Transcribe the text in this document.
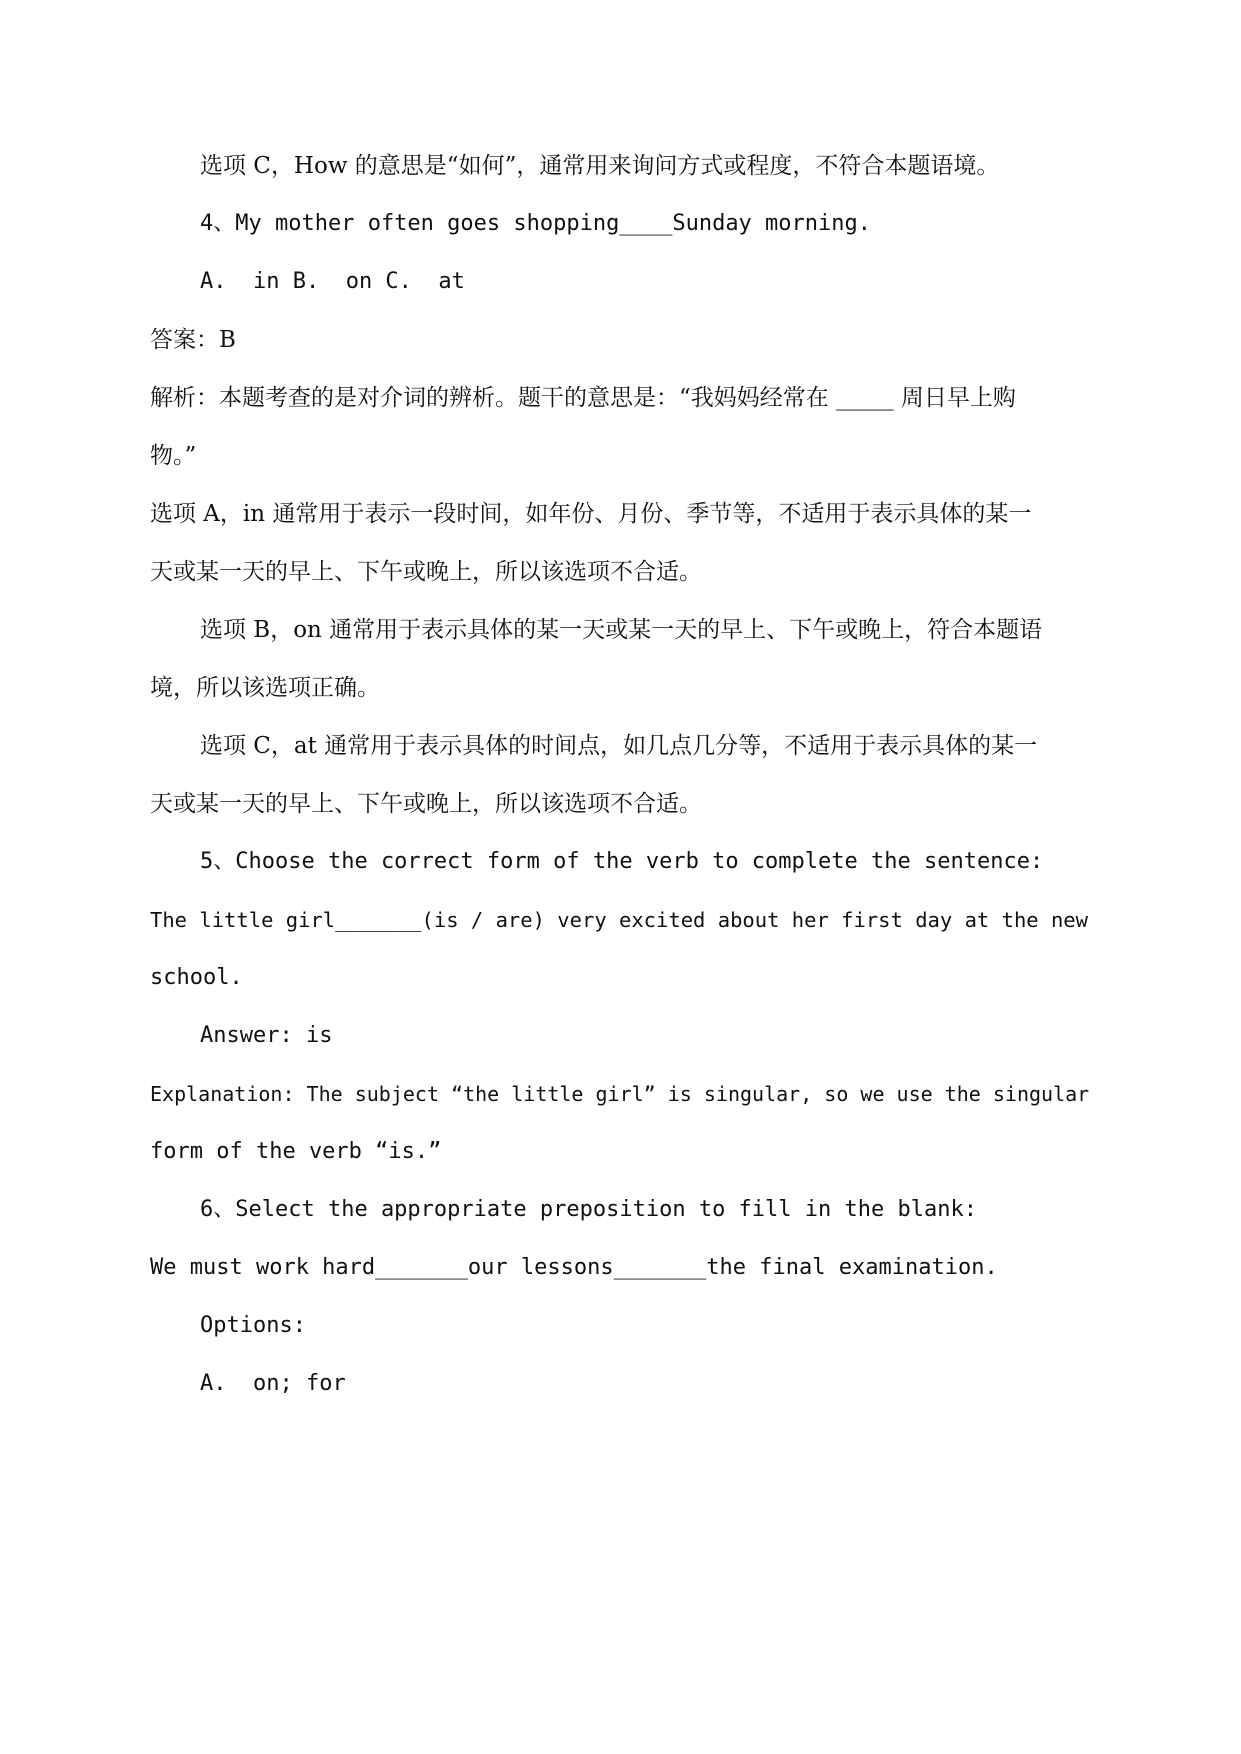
选项 C，How 的意思是“如何”，通常用来询问方式或程度，不符合本题语境。
4、My mother often goes shopping____Sunday morning.
A.  in B.  on C.  at
答案：B
解析：本题考查的是对介词的辨析。题干的意思是：“我妈妈经常在 _____ 周日早上购
物。”
选项 A，in 通常用于表示一段时间，如年份、月份、季节等，不适用于表示具体的某一
天或某一天的早上、下午或晚上，所以该选项不合适。
选项 B，on 通常用于表示具体的某一天或某一天的早上、下午或晚上，符合本题语
境，所以该选项正确。
选项 C，at 通常用于表示具体的时间点，如几点几分等，不适用于表示具体的某一
天或某一天的早上、下午或晚上，所以该选项不合适。
5、Choose the correct form of the verb to complete the sentence:
The little girl_______(is / are) very excited about her first day at the new
school.
Answer: is
Explanation: The subject “the little girl” is singular, so we use the singular
form of the verb “is.”
6、Select the appropriate preposition to fill in the blank:
We must work hard_______our lessons_______the final examination.
Options:
A.  on; for
